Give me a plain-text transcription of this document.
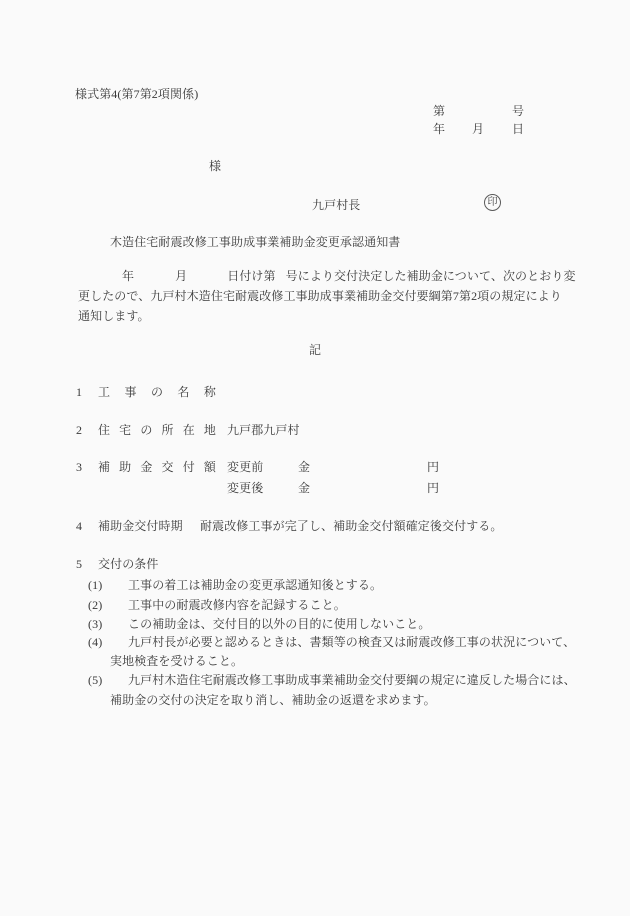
様式第4(第7第2項関係)
第	号
年 月 日
様
九戸村長	印
木造住宅耐震改修工事助成事業補助金変更承認通知書
年	月	日付け第 号により交付決定した補助金について、次のとおり変
更したので、九戸村木造住宅耐震改修工事助成事業補助金交付要綱第7第2項の規定により
通知します。
記
1 工事の名称
2 住宅の所在地 九戸郡九戸村
3 補助金交付額 変更前	金	円
変更後	金	円
4 補助金交付時期 耐震改修工事が完了し、補助金交付額確定後交付する。
5 交付の条件
(1) 工事の着工は補助金の変更承認通知後とする。
(2) 工事中の耐震改修内容を記録すること。
(3) この補助金は、交付目的以外の目的に使用しないこと。
(4) 九戸村長が必要と認めるときは、書類等の検査又は耐震改修工事の状況について、
実地検査を受けること。
(5) 九戸村木造住宅耐震改修工事助成事業補助金交付要綱の規定に違反した場合には、
補助金の交付の決定を取り消し、補助金の返還を求めます。
